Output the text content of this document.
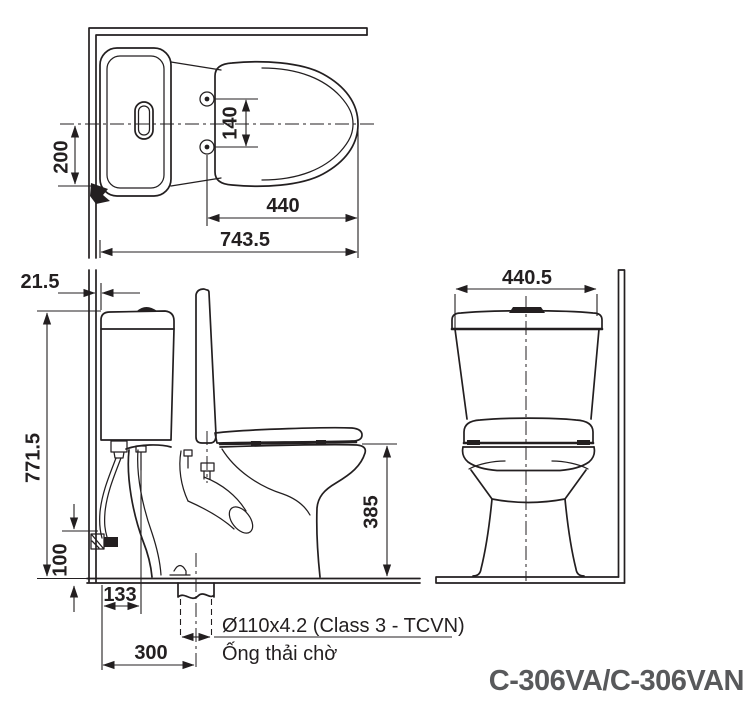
200
140
440
743.5
21.5
771.5
100
133
300
385
Ø110x4.2 (Class 3 - TCVN)
Ống thải chờ
440.5
C-306VA/C-306VAN
